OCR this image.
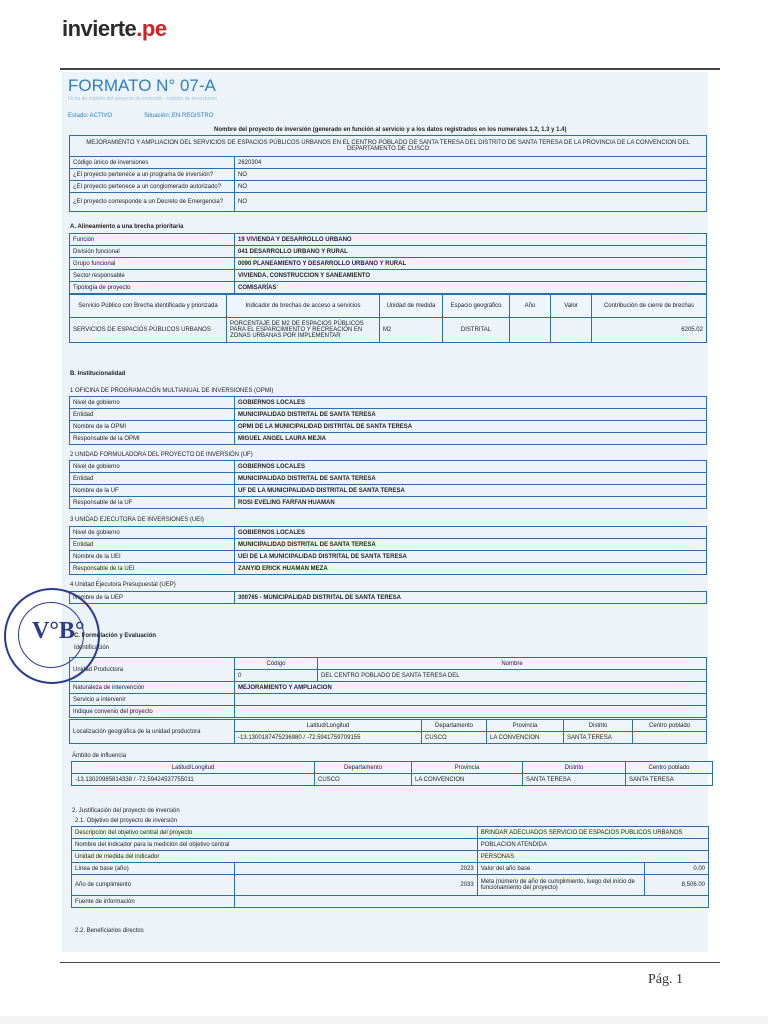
invierte.pe
FORMATO N° 07-A
Ficha de registro del proyecto de inversión - registro de inversiones
Estado: ACTIVO	Situación: EN REGISTRO
Nombre del proyecto de inversión (generado en función al servicio y a los datos registrados en los numerales 1.2, 1.3 y 1.4)
MEJORAMIENTO Y AMPLIACION DEL SERVICIOS DE ESPACIOS PÚBLICOS URBANOS EN EL CENTRO POBLADO DE SANTA TERESA DEL DISTRITO DE SANTA TERESA DE LA PROVINCIA DE LA CONVENCION DEL DEPARTAMENTO DE CUSCO	
Código único de inversiones	2620304
¿El proyecto pertenece a un programa de inversión?	NO
¿El proyecto pertenece a un conglomerado autorizado?	NO
¿El proyecto corresponde a un Decreto de Emergencia?	NO
A. Alineamiento a una brecha prioritaria
Función	19 VIVIENDA Y DESARROLLO URBANO
División funcional	041 DESARROLLO URBANO Y RURAL
Grupo funcional	0090 PLANEAMIENTO Y DESARROLLO URBANO Y RURAL
Sector responsable	VIVIENDA, CONSTRUCCION Y SANEAMIENTO
Tipología de proyecto	COMISARÍAS
Servicio Público con Brecha identificada y priorizada	Indicador de brechas de acceso a servicios	Unidad de medida	Espacio geográfico	Año	Valor	Contribución de cierre de brechas
SERVICIOS DE ESPACIOS PÚBLICOS URBANOS	PORCENTAJE DE M2 DE ESPACIOS PÚBLICOS PARA EL ESPARCIMIENTO Y RECREACIÓN EN ZONAS URBANAS POR IMPLEMENTAR	M2	DISTRITAL			6205.02
B. Institucionalidad
1 OFICINA DE PROGRAMACIÓN MULTIANUAL DE INVERSIONES (OPMI)
Nivel de gobierno	GOBIERNOS LOCALES
Entidad	MUNICIPALIDAD DISTRITAL DE SANTA TERESA
Nombre de la OPMI	OPMI DE LA MUNICIPALIDAD DISTRITAL DE SANTA TERESA
Responsable de la OPMI	MIGUEL ANGEL LAURA MEJIA
2 UNIDAD FORMULADORA DEL PROYECTO DE INVERSIÓN (UF)
Nivel de gobierno	GOBIERNOS LOCALES
Entidad	MUNICIPALIDAD DISTRITAL DE SANTA TERESA
Nombre de la UF	UF DE LA MUNICIPALIDAD DISTRITAL DE SANTA TERESA
Responsable de la UF	ROSI EVELING FARFAN HUAMAN
3 UNIDAD EJECUTORA DE INVERSIONES (UEI)
Nivel de gobierno	GOBIERNOS LOCALES
Entidad	MUNICIPALIDAD DISTRITAL DE SANTA TERESA
Nombre de la UEI	UEI DE LA MUNICIPALIDAD DISTRITAL DE SANTA TERESA
Responsable de la UEI	ZANYID ERICK HUAMAN MEZA
4 Unidad Ejecutora Presupuestal (UEP)
Nombre de la UEP	300765 - MUNICIPALIDAD DISTRITAL DE SANTA TERESA
C. Formulación y Evaluación
Identificación
Unidad Productora	Código	Nombre
	0	DEL CENTRO POBLADO DE SANTA TERESA DEL
Naturaleza de intervención	MEJORAMIENTO Y AMPLIACION	
Servicio a intervenir		
Indique convenio del proyecto		
Localización geográfica de la unidad productora	Latitud/Longitud	Departamento	Provincia	Distrito	Centro poblado
	-13.1300187475236980 / -72.5941759709155	CUSCO	LA CONVENCION	SANTA TERESA	
Ámbito de influencia
Latitud/Longitud	Departamento	Provincia	Distrito	Centro poblado
-13.13020985814338 / -72.59424537755011	CUSCO	LA CONVENCION	SANTA TERESA	SANTA TERESA
2. Justificación del proyecto de inversión
2.1. Objetivo del proyecto de inversión
Descripción del objetivo central del proyecto		BRINDAR ADECUADOS SERVICIO DE ESPACIOS PUBLICOS URBANOS	
Nombre del indicador para la medición del objetivo central		POBLACION ATENDIDA	
Unidad de medida del indicador		PERSONAS	
Línea de base (año)	2023	Valor del año base	0.00
Año de cumplimiento	2033	Meta (número de año de cumplimiento, luego del inicio de funcionamiento del proyecto)	8,506.00
Fuente de información			
2.2. Beneficiarios directos
V°B°
Pág. 1
